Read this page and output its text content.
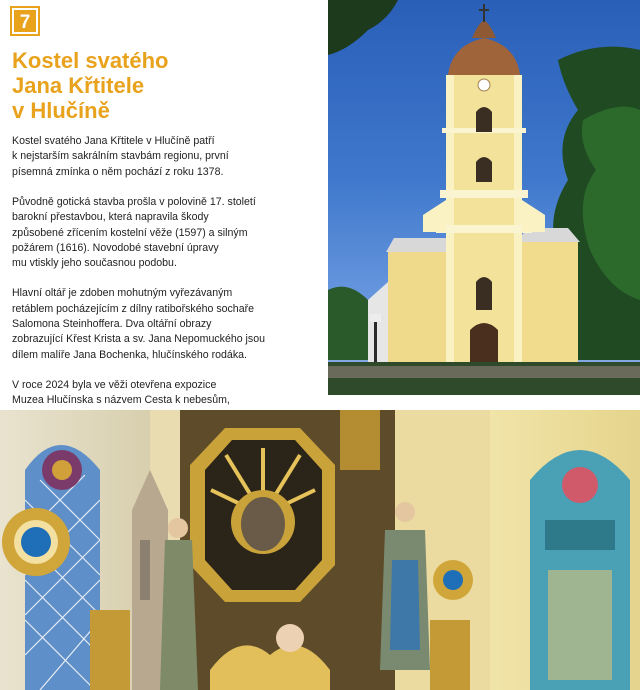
7
Kostel svatého
Jana Křtitele
v Hlučíně

Kostel svatého Jana Křtitele v Hlučíně patří
k nejstarším sakrálním stavbám regionu, první
písemná zmínka o něm pochází z roku 1378.

Původně gotická stavba prošla v polovině 17. století
barokní přestavbou, která napravila škody
způsobené zřícením kostelní věže (1597) a silným
požárem (1616). Novodobé stavební úpravy
mu vtiskly jeho současnou podobu.

Hlavní oltář je zdoben mohutným vyřezávaným
retáblem pocházejícím z dílny ratibořského sochaře
Salomona Steinhoffera. Dva oltářní obrazy
zobrazující Křest Krista a sv. Jana Nepomuckého jsou
dílem malíře Jana Bochenka, hlučínského rodáka.

V roce 2024 byla ve věži otevřena expozice
Muzea Hlučínska s názvem Cesta k nebesům,
